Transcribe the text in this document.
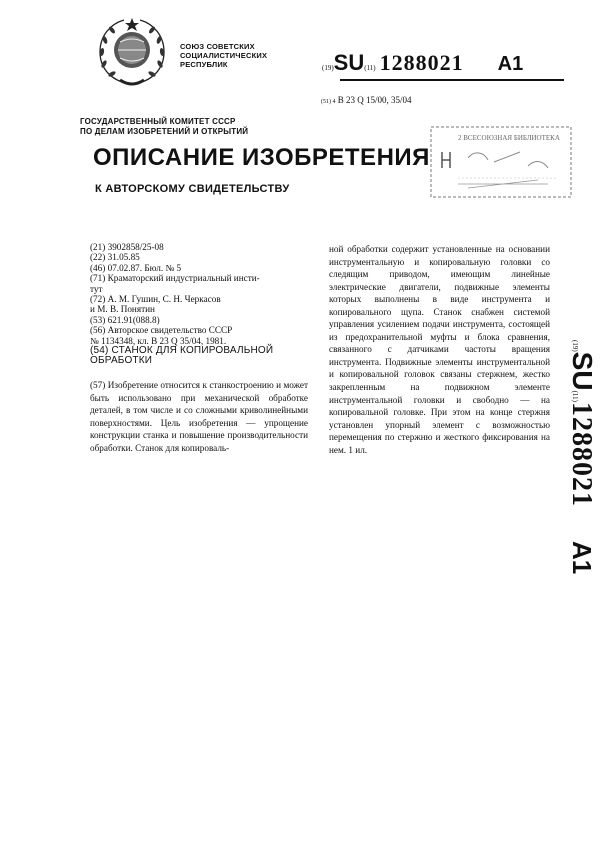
СОЮЗ СОВЕТСКИХ
СОЦИАЛИСТИЧЕСКИХ
РЕСПУБЛИК	(19)SU(11) 1288021 A1
(51) 4 B 23 Q 15/00, 35/04
ГОСУДАРСТВЕННЫЙ КОМИТЕТ СССР
ПО ДЕЛАМ ИЗОБРЕТЕНИЙ И ОТКРЫТИЙ
ОПИСАНИЕ ИЗОБРЕТЕНИЯ
К АВТОРСКОМУ СВИДЕТЕЛЬСТВУ
2 ВСЕСОЮЗНАЯ БИБЛИОТЕКА
(21) 3902858/25-08
(22) 31.05.85
(46) 07.02.87. Бюл. № 5
(71) Краматорский индустриальный инсти-
тут
(72) А. М. Гушин, С. Н. Черкасов
и М. В. Понятин
(53) 621.91(088.8)
(56) Авторское свидетельство СССР
№ 1134348, кл. В 23 Q 35/04, 1981.
(54) СТАНОК ДЛЯ КОПИРОВАЛЬНОЙ
ОБРАБОТКИ
(57) Изобретение относится к станкостроению и может быть использовано при механической обработке деталей, в том числе и со сложными криволинейными поверхностями. Цель изобретения — упрощение конструкции станка и повышение производительности обработки. Станок для копироваль-
ной обработки содержит установленные на основании инструментальную и копировальную головки со следящим приводом, имеющим линейные электрические двигатели, подвижные элементы которых выполнены в виде инструмента и копировального щупа. Станок снабжен системой управления усилением подачи инструмента, состоящей из предохранительной муфты и блока сравнения, связанного с датчиками частоты вращения инструмента. Подвижные элементы инструментальной и копировальной головок связаны стержнем, жестко закрепленным на подвижном элементе инструментальной головки и свободно — на копировальной головке. При этом на конце стержня установлен упорный элемент с возможностью перемещения по стержню и жесткого фиксирования на нем. 1 ил.
(19)SU(11)1288021A1
